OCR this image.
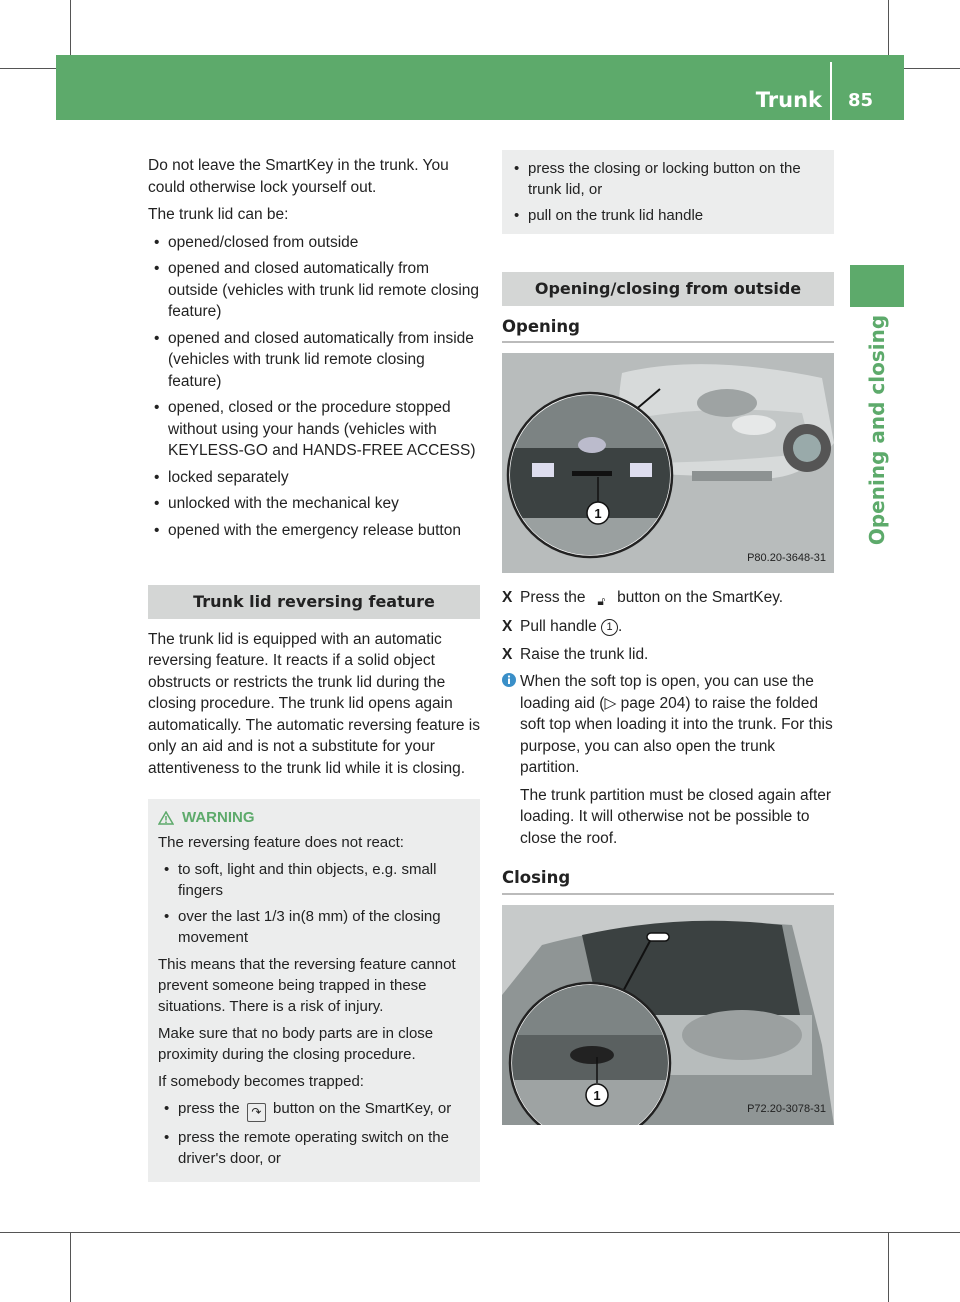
Trunk 85
Opening and closing

Do not leave the SmartKey in the trunk. You could otherwise lock yourself out.

The trunk lid can be:

• opened/closed from outside
• opened and closed automatically from outside (vehicles with trunk lid remote closing feature)
• opened and closed automatically from inside (vehicles with trunk lid remote closing feature)
• opened, closed or the procedure stopped without using your hands (vehicles with KEYLESS-GO and HANDS-FREE ACCESS)
• locked separately
• unlocked with the mechanical key
• opened with the emergency release button
Trunk lid reversing feature

The trunk lid is equipped with an automatic reversing feature. It reacts if a solid object obstructs or restricts the trunk lid during the closing procedure. The trunk lid opens again automatically. The automatic reversing feature is only an aid and is not a substitute for your attentiveness to the trunk lid while it is closing.

WARNING

The reversing feature does not react:

• to soft, light and thin objects, e.g. small fingers
• over the last 1/3 in(8 mm) of the closing movement

This means that the reversing feature cannot prevent someone being trapped in these situations. There is a risk of injury.

Make sure that no body parts are in close proximity during the closing procedure.

If somebody becomes trapped:

• press the ↷ button on the SmartKey, or
• press the remote operating switch on the driver's door, or
• press the closing or locking button on the trunk lid, or
• pull on the trunk lid handle
Opening/closing from outside
Opening
1
P80.20-3648-31
X Press the 🔓︎ button on the SmartKey.
X Pull handle 1 .
X Raise the trunk lid.

When the soft top is open, you can use the loading aid (▷ page 204) to raise the folded soft top when loading it into the trunk. For this purpose, you can also open the trunk partition.

The trunk partition must be closed again after loading. It will otherwise not be possible to close the roof.

Closing
1
P72.20-3078-31
